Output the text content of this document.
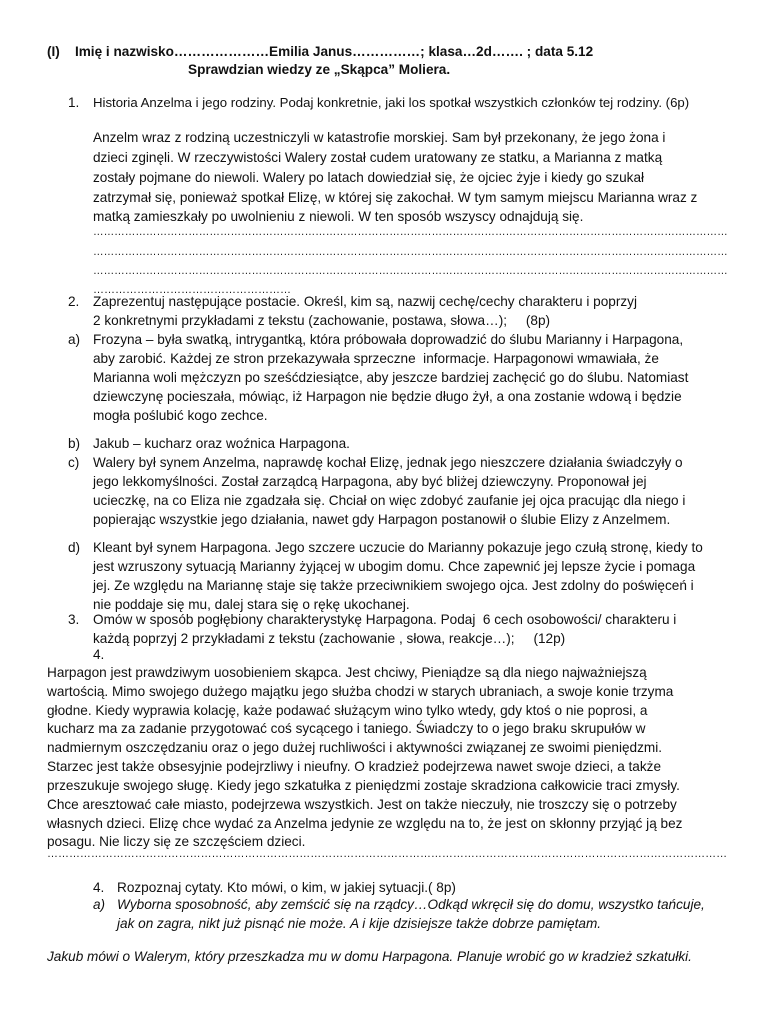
(I)    Imię i nazwisko…………………Emilia Janus……………; klasa…2d……. ; data 5.12
Sprawdzian wiedzy ze „Skąpca” Moliera.
1. Historia Anzelma i jego rodziny. Podaj konkretnie, jaki los spotkał wszystkich członków tej rodziny. (6p)
Anzelm wraz z rodziną uczestniczyli w katastrofie morskiej. Sam był przekonany, że jego żona i
dzieci zginęli. W rzeczywistości Walery został cudem uratowany ze statku, a Marianna z matką
zostały pojmane do niewoli. Walery po latach dowiedział się, że ojciec żyje i kiedy go szukał
zatrzymał się, ponieważ spotkał Elizę, w której się zakochał. W tym samym miejscu Marianna wraz z
matką zamieszkały po uwolnieniu z niewoli. W ten sposób wszyscy odnajdują się.
………………………………………………………………………………………………………………………………………………………………
………………………………………………………………………………………………………………………………………………………………
………………………………………………………………………………………………………………………………………………………………
………………………………………………
2. Zaprezentuj następujące postacie. Określ, kim są, nazwij cechę/cechy charakteru i poprzyj
2 konkretnymi przykładami z tekstu (zachowanie, postawa, słowa…);     (8p)
a) Frozyna – była swatką, intrygantką, która próbowała doprowadzić do ślubu Marianny i Harpagona,
aby zarobić. Każdej ze stron przekazywała sprzeczne  informacje. Harpagonowi wmawiała, że
Marianna woli mężczyzn po sześćdziesiątce, aby jeszcze bardziej zachęcić go do ślubu. Natomiast
dziewczynę pocieszała, mówiąc, iż Harpagon nie będzie długo żył, a ona zostanie wdową i będzie
mogła poślubić kogo zechce.
b) Jakub – kucharz oraz woźnica Harpagona.
c) Walery był synem Anzelma, naprawdę kochał Elizę, jednak jego nieszczere działania świadczyły o
jego lekkomyślności. Został zarządcą Harpagona, aby być bliżej dziewczyny. Proponował jej
ucieczkę, na co Eliza nie zgadzała się. Chciał on więc zdobyć zaufanie jej ojca pracując dla niego i
popierając wszystkie jego działania, nawet gdy Harpagon postanowił o ślubie Elizy z Anzelmem.
d) Kleant był synem Harpagona. Jego szczere uczucie do Marianny pokazuje jego czułą stronę, kiedy to
jest wzruszony sytuacją Marianny żyjącej w ubogim domu. Chce zapewnić jej lepsze życie i pomaga
jej. Ze względu na Mariannę staje się także przeciwnikiem swojego ojca. Jest zdolny do poświęceń i
nie poddaje się mu, dalej stara się o rękę ukochanej.
3. Omów w sposób pogłębiony charakterystykę Harpagona. Podaj  6 cech osobowości/ charakteru i
każdą poprzyj 2 przykładami z tekstu (zachowanie , słowa, reakcje…);     (12p)
4.
Harpagon jest prawdziwym uosobieniem skąpca. Jest chciwy, Pieniądze są dla niego najważniejszą
wartością. Mimo swojego dużego majątku jego służba chodzi w starych ubraniach, a swoje konie trzyma
głodne. Kiedy wyprawia kolację, każe podawać służącym wino tylko wtedy, gdy ktoś o nie poprosi, a
kucharz ma za zadanie przygotować coś sycącego i taniego. Świadczy to o jego braku skrupułów w
nadmiernym oszczędzaniu oraz o jego dużej ruchliwości i aktywności związanej ze swoimi pieniędzmi.
Starzec jest także obsesyjnie podejrzliwy i nieufny. O kradzież podejrzewa nawet swoje dzieci, a także
przeszukuje swojego sługę. Kiedy jego szkatułka z pieniędzmi zostaje skradziona całkowicie traci zmysły.
Chce aresztować całe miasto, podejrzewa wszystkich. Jest on także nieczuły, nie troszczy się o potrzeby
własnych dzieci. Elizę chce wydać za Anzelma jedynie ze względu na to, że jest on skłonny przyjąć ją bez
posagu. Nie liczy się ze szczęściem dzieci.
……………………………………………………………………………………………………………………………………………………………………
4. Rozpoznaj cytaty. Kto mówi, o kim, w jakiej sytuacji.( 8p)
a) Wyborna sposobność, aby zemścić się na rządcy…Odkąd wkręcił się do domu, wszystko tańcuje,
jak on zagra, nikt już pisnąć nie może. A i kije dzisiejsze także dobrze pamiętam.
Jakub mówi o Walerym, który przeszkadza mu w domu Harpagona. Planuje wrobić go w kradzież szkatułki.
